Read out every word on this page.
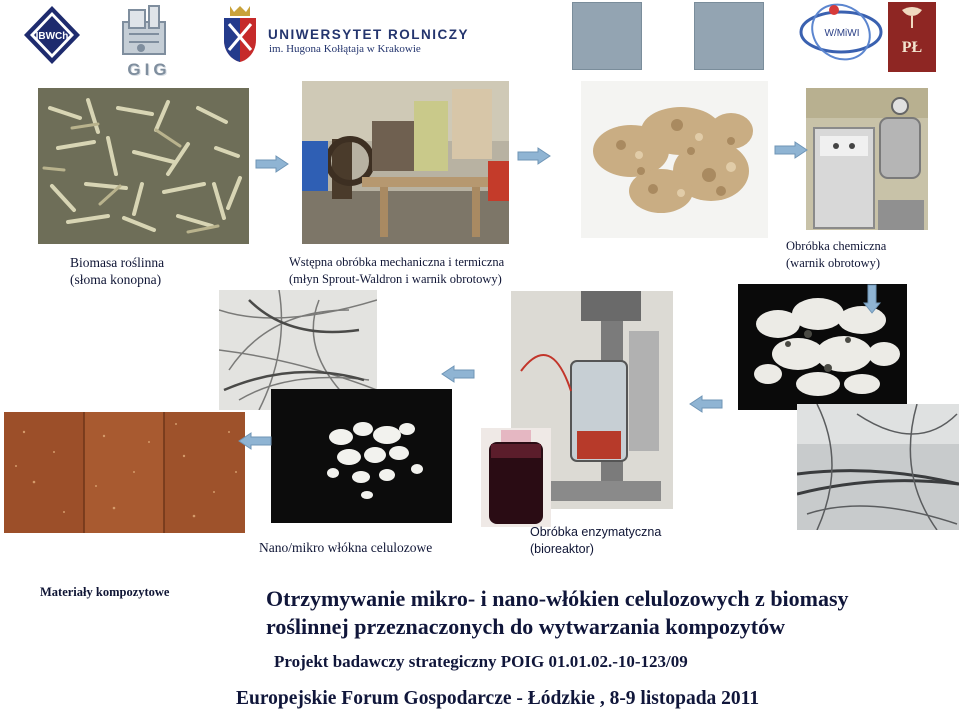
IBWCh
GIG
UNIWERSYTET ROLNICZY
im. Hugona Kołłątaja w Krakowie
W/MiWI
PŁ
Biomasa roślinna
(słoma konopna)
Wstępna obróbka mechaniczna i termiczna
(młyn Sprout-Waldron i warnik obrotowy)
Obróbka chemiczna
(warnik obrotowy)
Nano/mikro włókna celulozowe
Obróbka enzymatyczna
(bioreaktor)
Materiały kompozytowe	Otrzymywanie mikro- i nano-włókien celulozowych z biomasy
roślinnej przeznaczonych do wytwarzania kompozytów
Projekt badawczy strategiczny POIG 01.01.02.-10-123/09
Europejskie Forum Gospodarcze - Łódzkie , 8-9 listopada 2011
